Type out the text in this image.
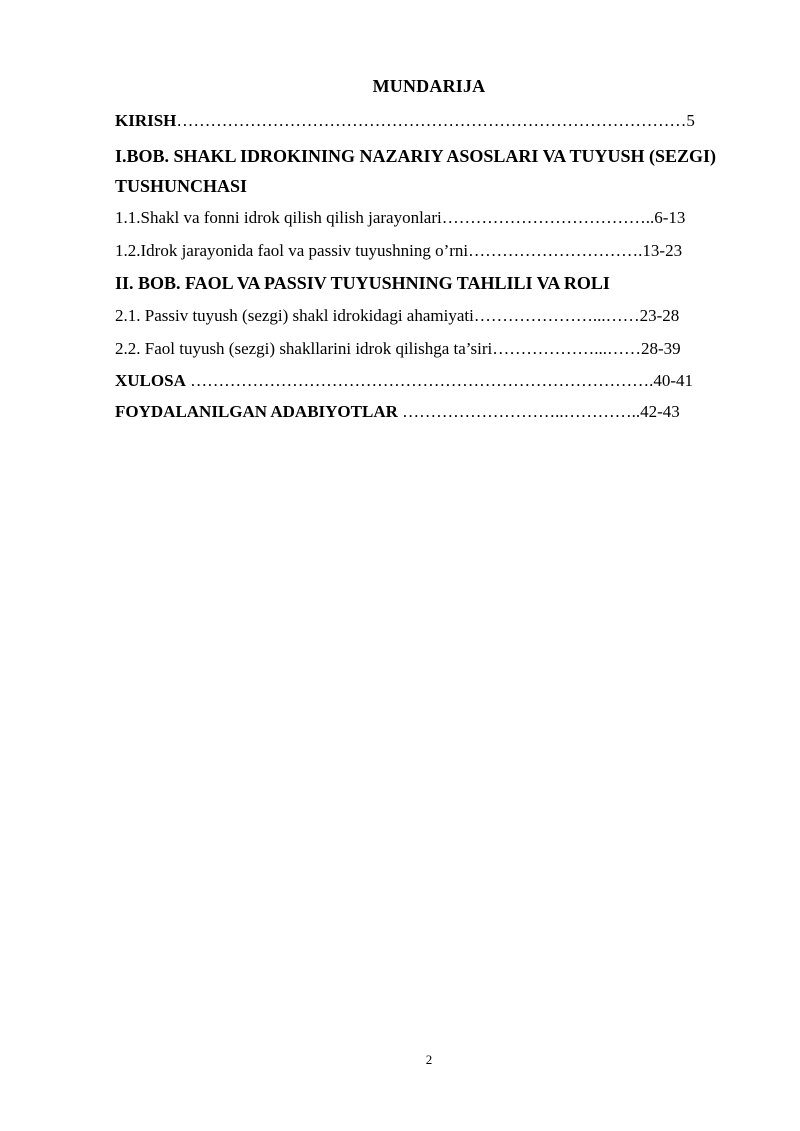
MUNDARIJA
KIRISH………………………………………………………………………………5
I.BOB. SHAKL IDROKINING NAZARIY ASOSLARI VA TUYUSH (SEZGI)
TUSHUNCHASI
1.1.Shakl va fonni idrok qilish qilish jarayonlari………………………………..6-13
1.2.Idrok jarayonida faol va passiv tuyushning o’rni………………………….13-23
II. BOB. FAOL VA PASSIV TUYUSHNING TAHLILI VA ROLI
2.1. Passiv tuyush (sezgi) shakl idrokidagi ahamiyati…………………...……23-28
2.2. Faol tuyush (sezgi) shakllarini idrok qilishga ta’siri………………...……28-39
XULOSA ……………………………………………………………………….40-41
FOYDALANILGAN ADABIYOTLAR ………………………..…………..42-43
2
